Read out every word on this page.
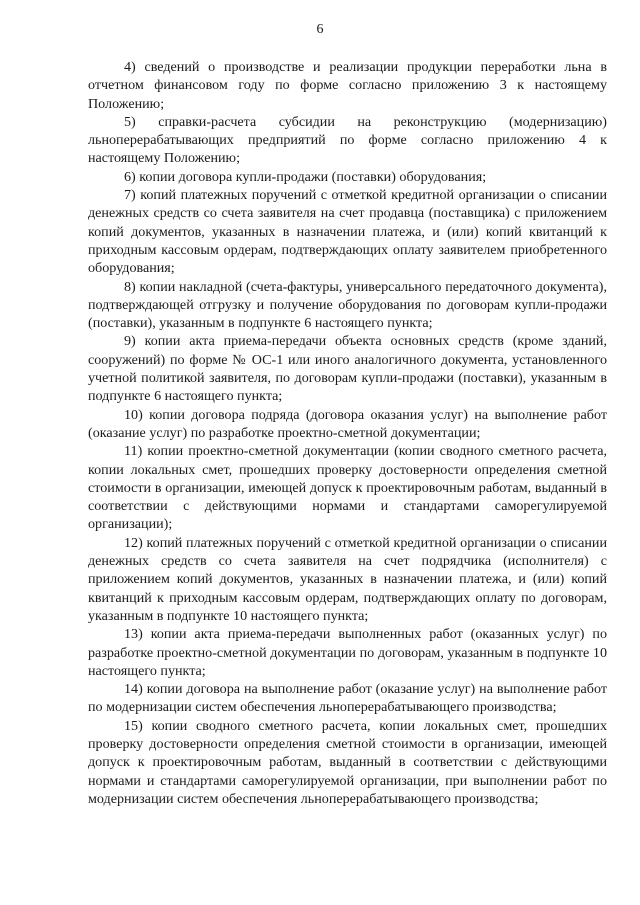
6

4) сведений о производстве и реализации продукции переработки льна в отчетном финансовом году по форме согласно приложению 3 к настоящему Положению;

5) справки-расчета субсидии на реконструкцию (модернизацию) льноперерабатывающих предприятий по форме согласно приложению 4 к настоящему Положению;

6) копии договора купли-продажи (поставки) оборудования;

7) копий платежных поручений с отметкой кредитной организации о списании денежных средств со счета заявителя на счет продавца (поставщика) с приложением копий документов, указанных в назначении платежа, и (или) копий квитанций к приходным кассовым ордерам, подтверждающих оплату заявителем приобретенного оборудования;

8) копии накладной (счета-фактуры, универсального передаточного документа), подтверждающей отгрузку и получение оборудования по договорам купли-продажи (поставки), указанным в подпункте 6 настоящего пункта;

9) копии акта приема-передачи объекта основных средств (кроме зданий, сооружений) по форме № ОС-1 или иного аналогичного документа, установленного учетной политикой заявителя, по договорам купли-продажи (поставки), указанным в подпункте 6 настоящего пункта;

10) копии договора подряда (договора оказания услуг) на выполнение работ (оказание услуг) по разработке проектно-сметной документации;

11) копии проектно-сметной документации (копии сводного сметного расчета, копии локальных смет, прошедших проверку достоверности определения сметной стоимости в организации, имеющей допуск к проектировочным работам, выданный в соответствии с действующими нормами и стандартами саморегулируемой организации);

12) копий платежных поручений с отметкой кредитной организации о списании денежных средств со счета заявителя на счет подрядчика (исполнителя) с приложением копий документов, указанных в назначении платежа, и (или) копий квитанций к приходным кассовым ордерам, подтверждающих оплату по договорам, указанным в подпункте 10 настоящего пункта;

13) копии акта приема-передачи выполненных работ (оказанных услуг) по разработке проектно-сметной документации по договорам, указанным в подпункте 10 настоящего пункта;

14) копии договора на выполнение работ (оказание услуг) на выполнение работ по модернизации систем обеспечения льноперерабатывающего производства;

15) копии сводного сметного расчета, копии локальных смет, прошедших проверку достоверности определения сметной стоимости в организации, имеющей допуск к проектировочным работам, выданный в соответствии с действующими нормами и стандартами саморегулируемой организации, при выполнении работ по модернизации систем обеспечения льноперерабатывающего производства;
